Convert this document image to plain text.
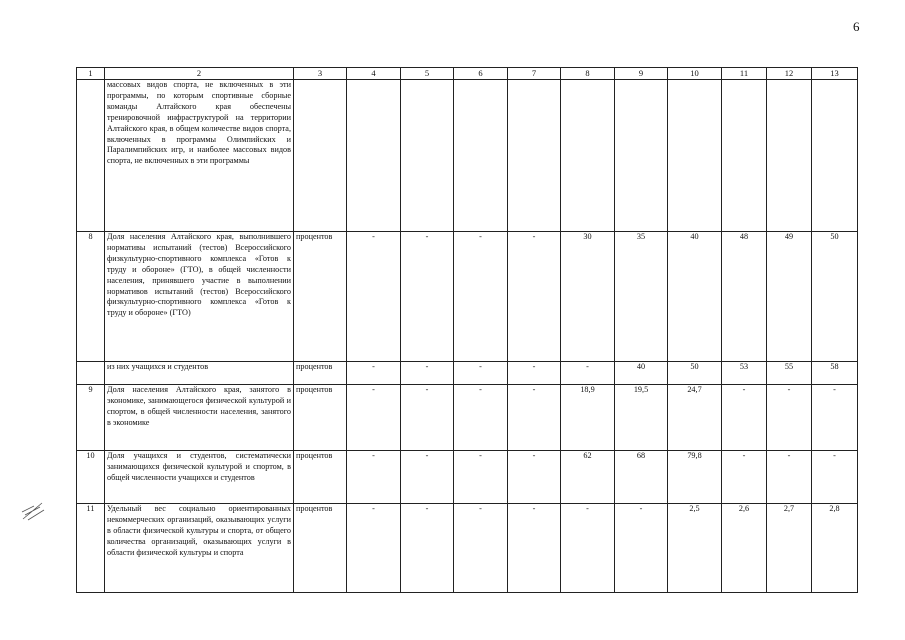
6
1	2	3	4	5	6	7	8	9	10	11	12	13
	массовых видов спорта, не включенных в эти программы, по которым спортивные сборные команды Алтайского края обеспечены тренировочной инфраструктурой на территории Алтайского края, в общем количестве видов спорта, включенных в программы Олимпийских и Паралимпийских игр, и наиболее массовых видов спорта, не включенных в эти программы											
8	Доля населения Алтайского края, выполнившего нормативы испытаний (тестов) Всероссийского физкультурно-спортивного комплекса «Готов к труду и обороне» (ГТО), в общей численности населения, принявшего участие в выполнении нормативов испытаний (тестов) Всероссийского физкультурно-спортивного комплекса «Готов к труду и обороне» (ГТО)	процентов	-	-	-	-	30	35	40	48	49	50
	из них учащихся и студентов	процентов	-	-	-	-	-	40	50	53	55	58
9	Доля населения Алтайского края, занятого в экономике, занимающегося физической культурой и спортом, в общей численности населения, занятого в экономике	процентов	-	-	-	-	18,9	19,5	24,7	-	-	-
10	Доля учащихся и студентов, систематически занимающихся физической культурой и спортом, в общей численности учащихся и студентов	процентов	-	-	-	-	62	68	79,8	-	-	-
11	Удельный вес социально ориентированных некоммерческих организаций, оказывающих услуги в области физической культуры и спорта, от общего количества организаций, оказывающих услуги в области физической культуры и спорта	процентов	-	-	-	-	-	-	2,5	2,6	2,7	2,8
